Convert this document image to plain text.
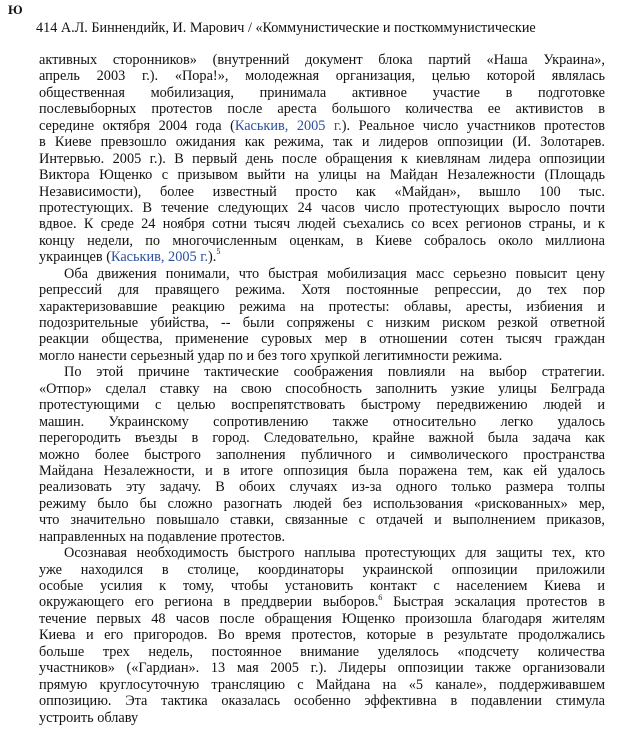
Ю
414 А.Л. Биннендийк, И. Марович / «Коммунистические и посткоммунистические
активных сторонников» (внутренний документ блока партий «Наша Украина»,
апрель 2003 г.). «Пора!», молодежная организация, целью которой являлась
общественная мобилизация, принимала активное участие в подготовке
послевыборных протестов после ареста большого количества ее активистов в
середине октября 2004 года (Каськив, 2005 г.). Реальное число участников протестов
в Киеве превзошло ожидания как режима, так и лидеров оппозиции (И. Золотарев.
Интервью. 2005 г.). В первый день после обращения к киевлянам лидера оппозиции
Виктора Ющенко с призывом выйти на улицы на Майдан Незалежности (Площадь
Независимости), более известный просто как «Майдан», вышло 100 тыс.
протестующих. В течение следующих 24 часов число протестующих выросло почти
вдвое. К среде 24 ноября сотни тысяч людей съехались со всех регионов страны, и к
концу недели, по многочисленным оценкам, в Киеве собралось около миллиона
украинцев (Каськив, 2005 г.).$^5$
Оба движения понимали, что быстрая мобилизация масс серьезно повысит цену
репрессий для правящего режима. Хотя постоянные репрессии, до тех пор
характеризовавшие реакцию режима на протесты: облавы, аресты, избиения и
подозрительные убийства, -- были сопряжены с низким риском резкой ответной
реакции общества, применение суровых мер в отношении сотен тысяч граждан
могло нанести серьезный удар по и без того хрупкой легитимности режима.
По этой причине тактические соображения повлияли на выбор стратегии.
«Отпор» сделал ставку на свою способность заполнить узкие улицы Белграда
протестующими с целью воспрепятствовать быстрому передвижению людей и
машин. Украинскому сопротивлению также относительно легко удалось
перегородить въезды в город. Следовательно, крайне важной была задача как
можно более быстрого заполнения публичного и символического пространства
Майдана Незалежности, и в итоге оппозиция была поражена тем, как ей удалось
реализовать эту задачу. В обоих случаях из-за одного только размера толпы
режиму было бы сложно разогнать людей без использования «рискованных» мер,
что значительно повышало ставки, связанные с отдачей и выполнением приказов,
направленных на подавление протестов.
Осознавая необходимость быстрого наплыва протестующих для защиты тех, кто
уже находился в столице, координаторы украинской оппозиции приложили
особые усилия к тому, чтобы установить контакт с населением Киева и
окружающего его региона в преддверии выборов.$^6$ Быстрая эскалация протестов в
течение первых 48 часов после обращения Ющенко произошла благодаря жителям
Киева и его пригородов. Во время протестов, которые в результате продолжались
больше трех недель, постоянное внимание уделялось «подсчету количества
участников» («Гардиан». 13 мая 2005 г.). Лидеры оппозиции также организовали
прямую круглосуточную трансляцию с Майдана на «5 канале», поддерживавшем
оппозицию. Эта тактика оказалась особенно эффективна в подавлении стимула
устроить облаву
